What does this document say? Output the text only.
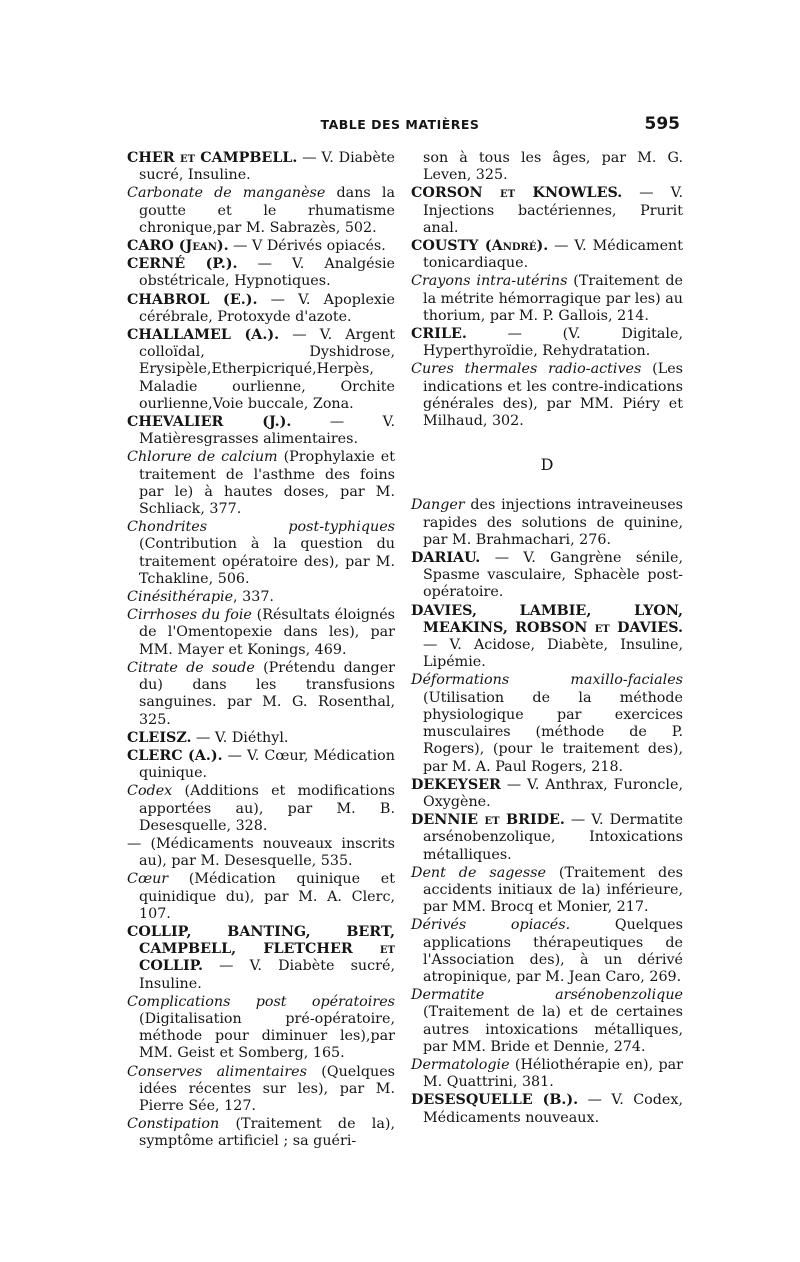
TABLE DES MATIÈRES	595

CHER et CAMPBELL. — V. Diabète sucré, Insuline.

Carbonate de manganèse dans la goutte et le rhumatisme chronique,par M. Sabrazès, 502.

CARO (Jean). — V Dérivés opiacés.

CERNÉ (P.). — V. Analgésie obstétricale, Hypnotiques.

CHABROL (E.). — V. Apoplexie cérébrale, Protoxyde d'azote.

CHALLAMEL (A.). — V. Argent colloïdal, Dyshidrose, Erysipèle,Etherpicriqué,Herpès, Maladie ourlienne, Orchite ourlienne,Voie buccale, Zona.

CHEVALIER (J.). — V. Matièresgrasses alimentaires.

Chlorure de calcium (Prophylaxie et traitement de l'asthme des foins par le) à hautes doses, par M. Schliack, 377.

Chondrites post-typhiques (Contribution à la question du traitement opératoire des), par M. Tchakline, 506.

Cinésithérapie, 337.

Cirrhoses du foie (Résultats éloignés de l'Omentopexie dans les), par MM. Mayer et Konings, 469.

Citrate de soude (Prétendu danger du) dans les transfusions sanguines. par M. G. Rosenthal, 325.

CLEISZ. — V. Diéthyl.

CLERC (A.). — V. Cœur, Médication quinique.

Codex (Additions et modifications apportées au), par M. B. Desesquelle, 328.

— (Médicaments nouveaux inscrits au), par M. Desesquelle, 535.

Cœur (Médication quinique et quinidique du), par M. A. Clerc, 107.

COLLIP, BANTING, BERT, CAMPBELL, FLETCHER et COLLIP. — V. Diabète sucré, Insuline.

Complications post opératoires (Digitalisation pré-opératoire, méthode pour diminuer les),par MM. Geist et Somberg, 165.

Conserves alimentaires (Quelques idées récentes sur les), par M. Pierre Sée, 127.

Constipation (Traitement de la), symptôme artificiel ; sa guéri-

son à tous les âges, par M. G. Leven, 325.

CORSON et KNOWLES. — V. Injections bactériennes, Prurit anal.

COUSTY (André). — V. Médicament tonicardiaque.

Crayons intra-utérins (Traitement de la métrite hémorragique par les) au thorium, par M. P. Gallois, 214.

CRILE. — (V. Digitale, Hyperthyroïdie, Rehydratation.

Cures thermales radio-actives (Les indications et les contre-indications générales des), par MM. Piéry et Milhaud, 302.

D

Danger des injections intraveineuses rapides des solutions de quinine, par M. Brahmachari, 276.

DARIAU. — V. Gangrène sénile, Spasme vasculaire, Sphacèle post-opératoire.

DAVIES, LAMBIE, LYON, MEAKINS, ROBSON et DAVIES. — V. Acidose, Diabète, Insuline, Lipémie.

Déformations maxillo-faciales (Utilisation de la méthode physiologique par exercices musculaires (méthode de P. Rogers), (pour le traitement des), par M. A. Paul Rogers, 218.

DEKEYSER — V. Anthrax, Furoncle, Oxygène.

DENNIE et BRIDE. — V. Dermatite arsénobenzolique, Intoxications métalliques.

Dent de sagesse (Traitement des accidents initiaux de la) inférieure, par MM. Brocq et Monier, 217.

Dérivés opiacés. Quelques applications thérapeutiques de l'Association des), à un dérivé atropinique, par M. Jean Caro, 269.

Dermatite arsénobenzolique (Traitement de la) et de certaines autres intoxications métalliques, par MM. Bride et Dennie, 274.

Dermatologie (Héliothérapie en), par M. Quattrini, 381.

DESESQUELLE (B.). — V. Codex, Médicaments nouveaux.
